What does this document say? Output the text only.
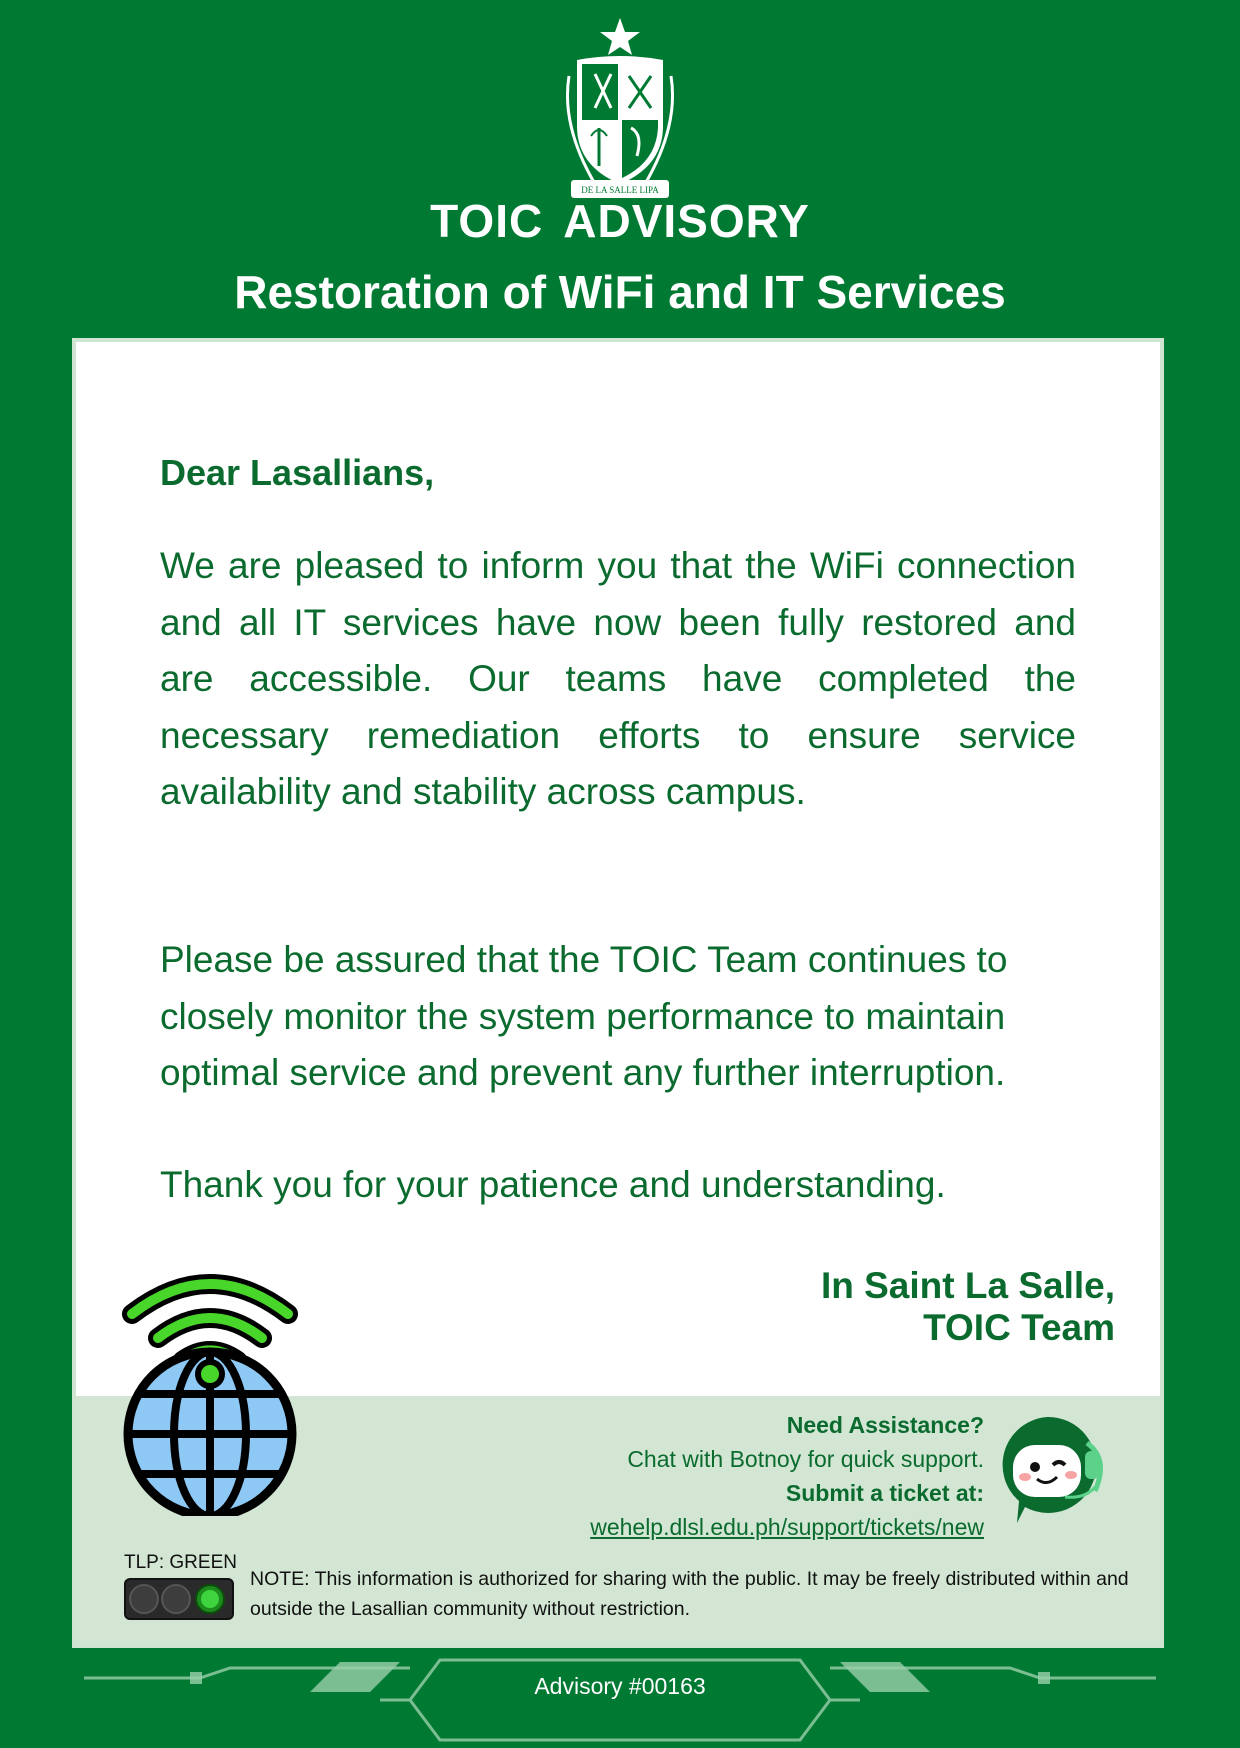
DE LA SALLE LIPA
TOIC ADVISORY
Restoration of WiFi and IT Services
Dear Lasallians,
We are pleased to inform you that the WiFi connection and all IT services have now been fully restored and are accessible. Our teams have completed the necessary remediation efforts to ensure service availability and stability across campus.
Please be assured that the TOIC Team continues to closely monitor the system performance to maintain optimal service and prevent any further interruption.
Thank you for your patience and understanding.
In Saint La Salle,
TOIC Team
Need Assistance?
Chat with Botnoy for quick support.
Submit a ticket at:
wehelp.dlsl.edu.ph/support/tickets/new
TLP: GREEN
NOTE: This information is authorized for sharing with the public. It may be freely distributed within and outside the Lasallian community without restriction.
Advisory #00163
